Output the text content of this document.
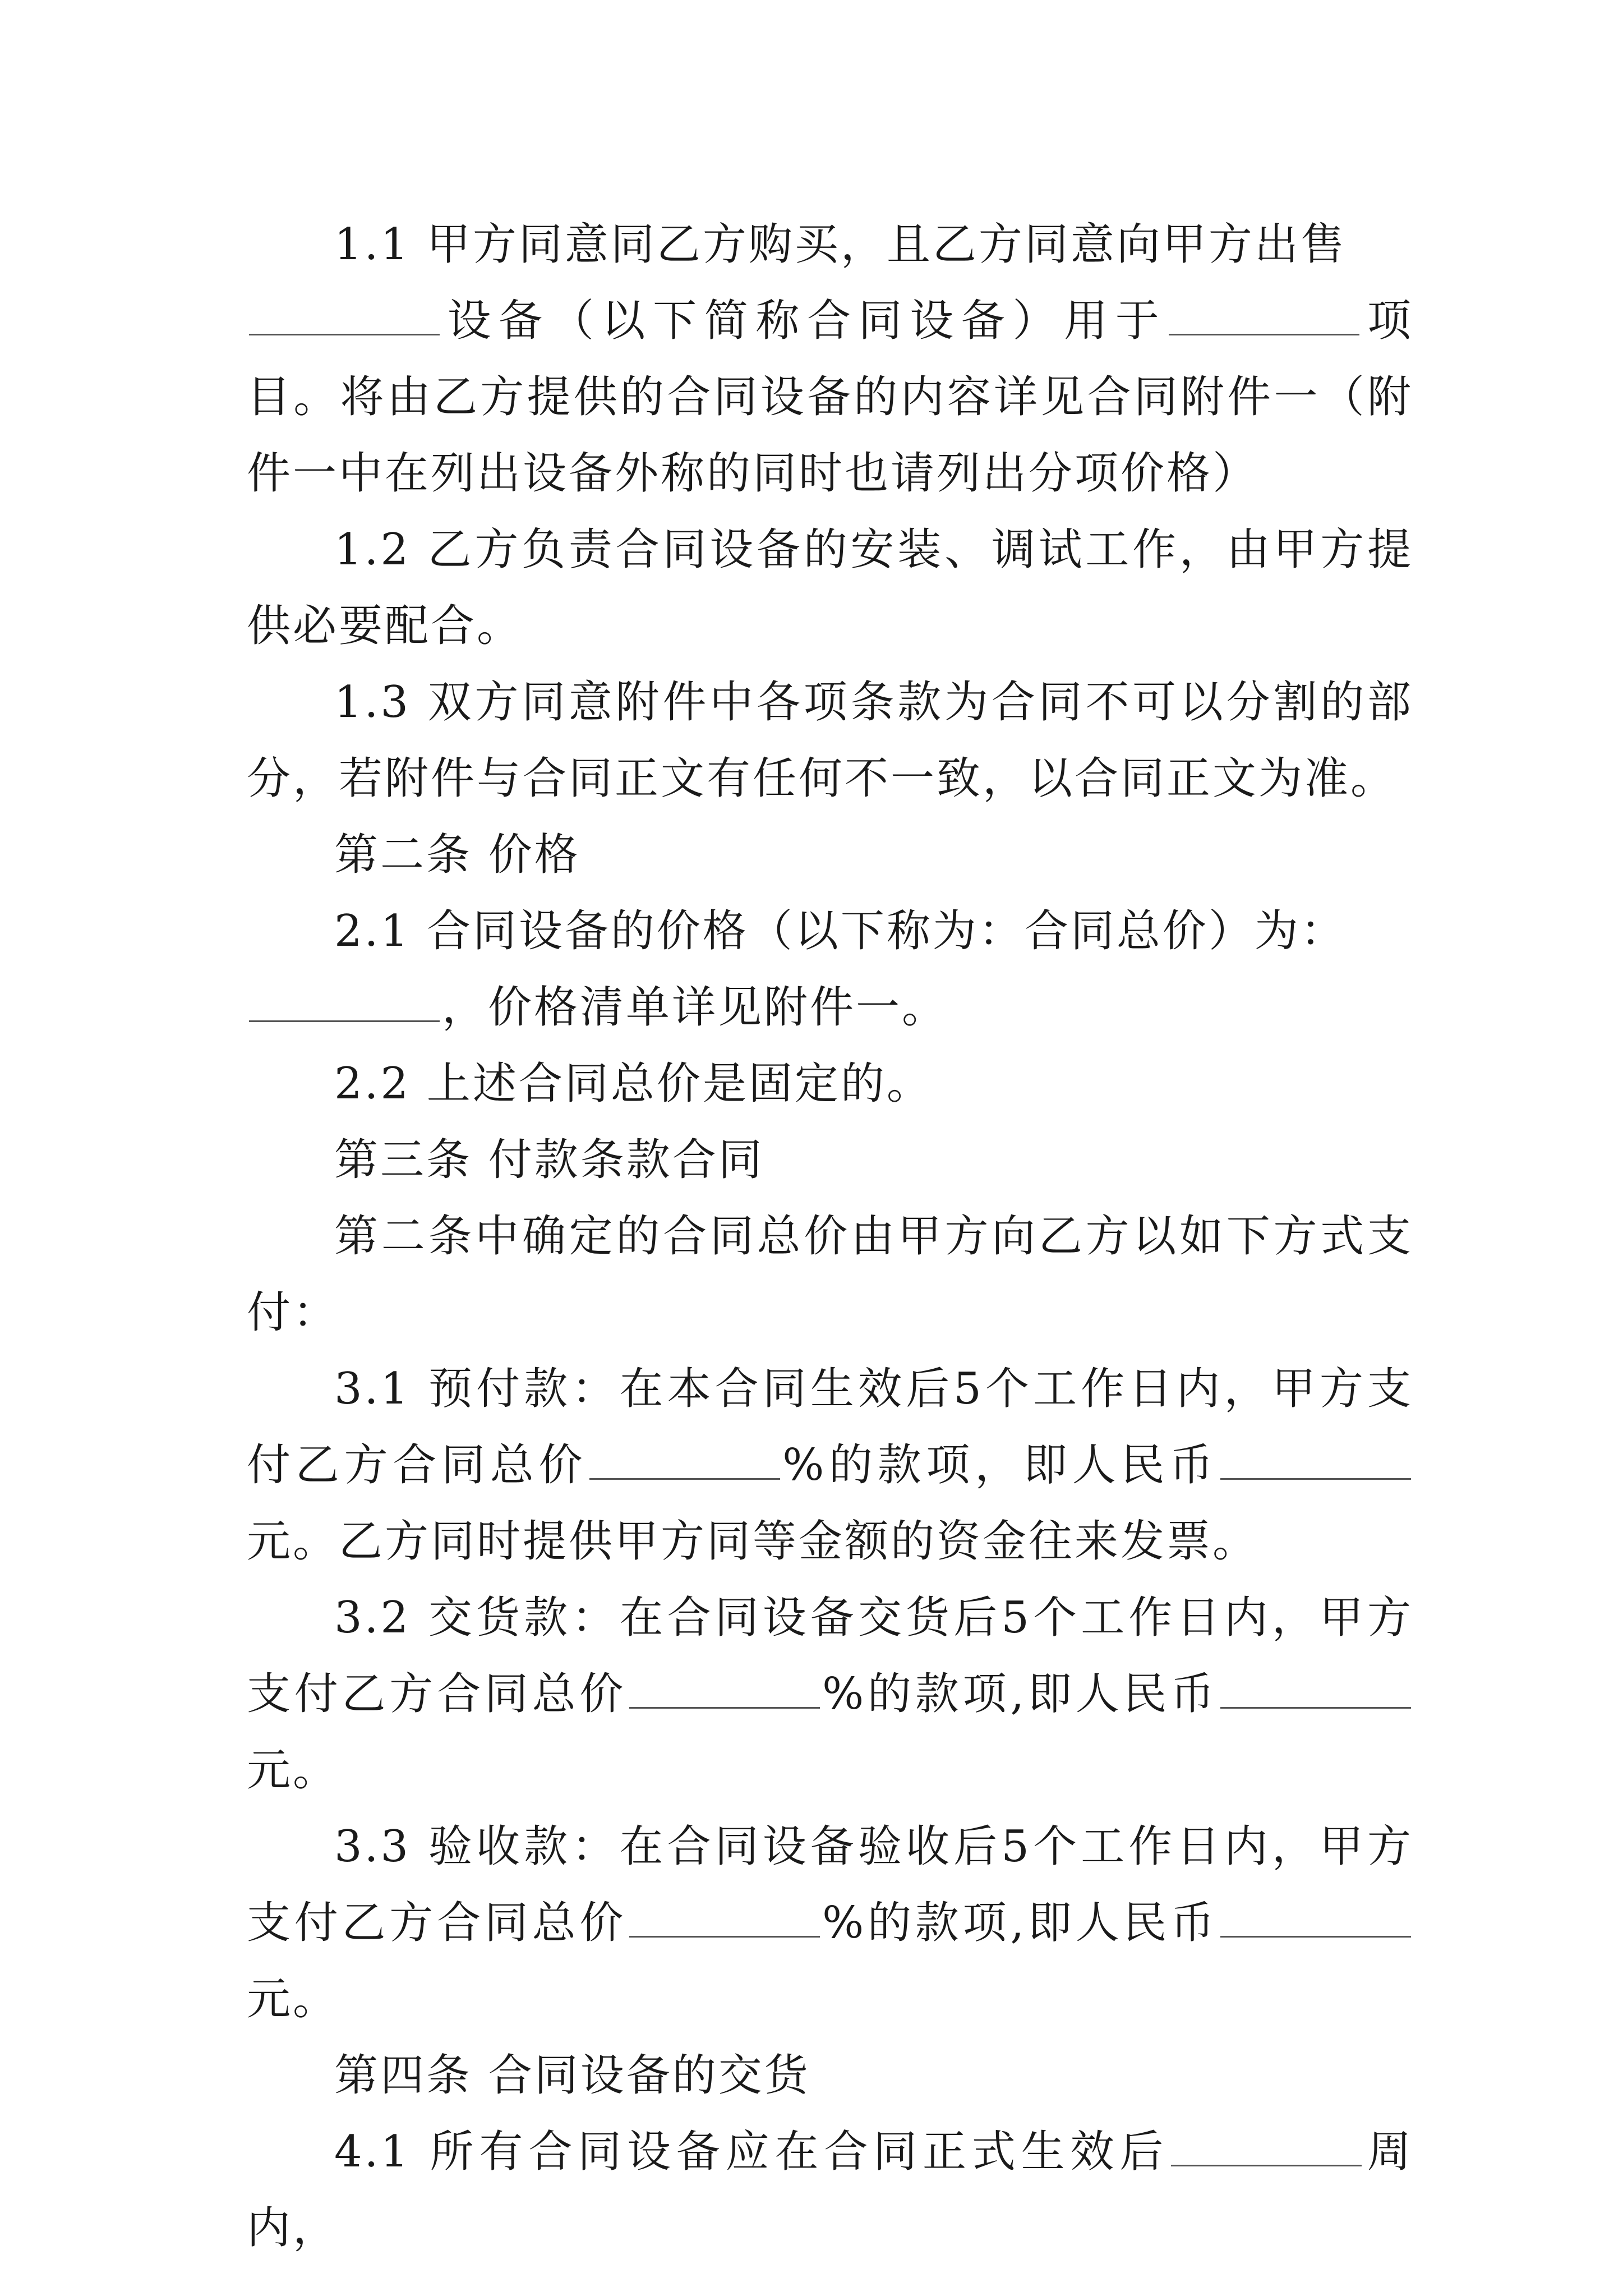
1.1 甲方同意同乙方购买，且乙方同意向甲方出售
设备（以下简称合同设备）用于	项目。将由乙方提供的合同设备的内容详见合同附件一（附件一中在列出设备外称的同时也请列出分项价格）

1.2 乙方负责合同设备的安装、调试工作，由甲方提供必要配合。

1.3 双方同意附件中各项条款为合同不可以分割的部分，若附件与合同正文有任何不一致，以合同正文为准。

第二条 价格

2.1 合同设备的价格（以下称为：合同总价）为：
，价格清单详见附件一。

2.2 上述合同总价是固定的。

第三条 付款条款合同

第二条中确定的合同总价由甲方向乙方以如下方式支付：

3.1 预付款：在本合同生效后5个工作日内，甲方支付乙方合同总价	%的款项，即人民币元。乙方同时提供甲方同等金额的资金往来发票。

3.2 交货款：在合同设备交货后5个工作日内，甲方支付乙方合同总价	%的款项,即人民币元。

3.3 验收款：在合同设备验收后5个工作日内，甲方支付乙方合同总价	%的款项,即人民币元。

第四条 合同设备的交货

4.1 所有合同设备应在合同正式生效后	周内，
